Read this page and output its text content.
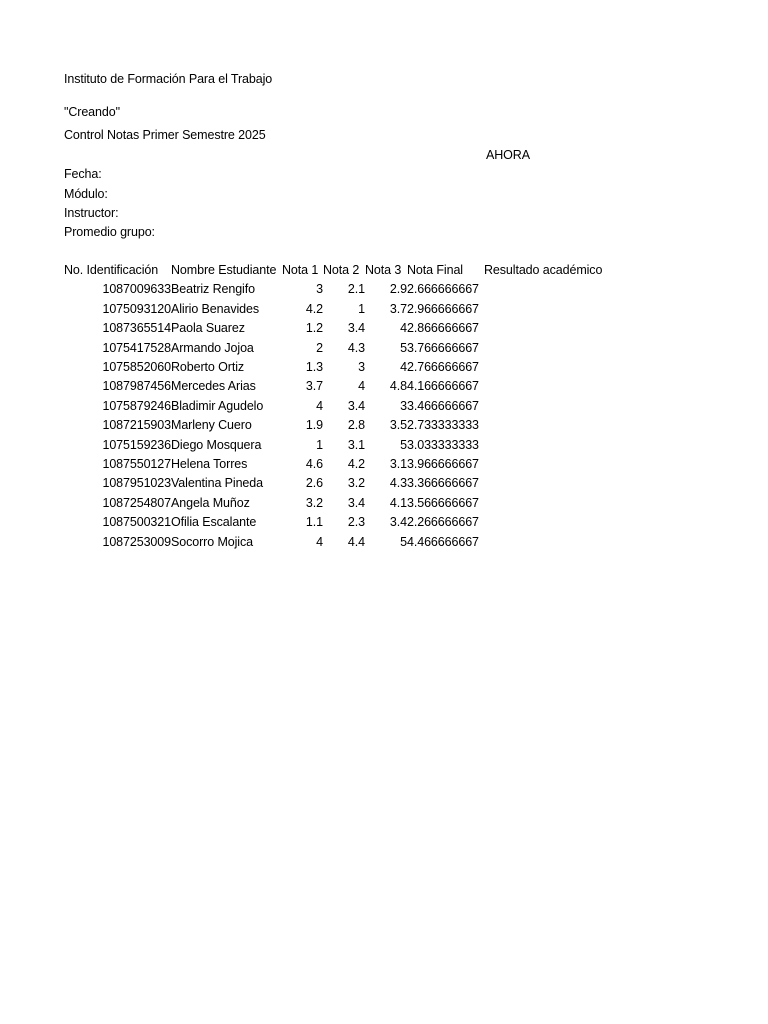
Instituto de Formación Para el Trabajo
"Creando"
Control Notas Primer Semestre 2025
AHORA
Fecha:
Módulo:
Instructor:
Promedio grupo:
No. Identificación	Nombre Estudiante	Nota 1	Nota 2	Nota 3	Nota Final	Resultado académico
1087009633	Beatriz Rengifo	3	2.1	2.9	2.666666667	
1075093120	Alirio Benavides	4.2	1	3.7	2.966666667	
1087365514	Paola Suarez	1.2	3.4	4	2.866666667	
1075417528	Armando Jojoa	2	4.3	5	3.766666667	
1075852060	Roberto Ortiz	1.3	3	4	2.766666667	
1087987456	Mercedes Arias	3.7	4	4.8	4.166666667	
1075879246	Bladimir Agudelo	4	3.4	3	3.466666667	
1087215903	Marleny Cuero	1.9	2.8	3.5	2.733333333	
1075159236	Diego Mosquera	1	3.1	5	3.033333333	
1087550127	Helena Torres	4.6	4.2	3.1	3.966666667	
1087951023	Valentina Pineda	2.6	3.2	4.3	3.366666667	
1087254807	Angela Muñoz	3.2	3.4	4.1	3.566666667	
1087500321	Ofilia Escalante	1.1	2.3	3.4	2.266666667	
1087253009	Socorro Mojica	4	4.4	5	4.466666667	
